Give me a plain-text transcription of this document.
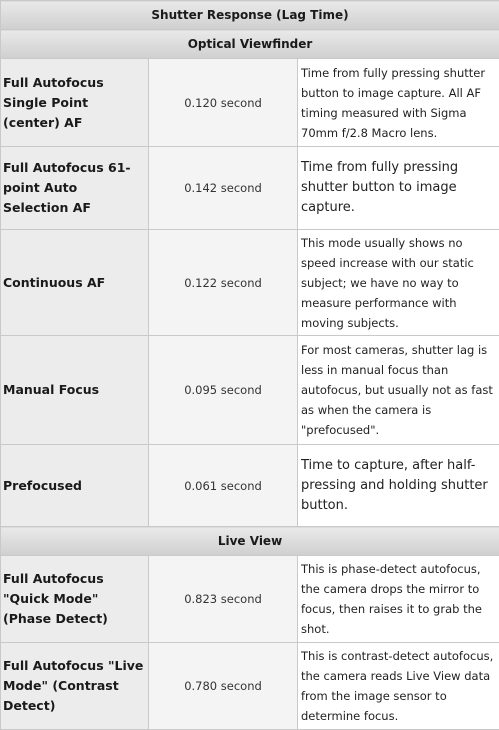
Shutter Response (Lag Time)		
Optical Viewfinder		
Full Autofocus Single Point (center) AF	0.120 second	Time from fully pressing shutter button to image capture. All AF timing measured with Sigma 70mm f/2.8 Macro lens.
Full Autofocus 61-point Auto Selection AF	0.142 second	Time from fully pressing shutter button to image capture.
Continuous AF	0.122 second	This mode usually shows no speed increase with our static subject; we have no way to measure performance with moving subjects.
Manual Focus	0.095 second	For most cameras, shutter lag is less in manual focus than autofocus, but usually not as fast as when the camera is "prefocused".
Prefocused	0.061 second	Time to capture, after half-pressing and holding shutter button.
Live View		
Full Autofocus "Quick Mode" (Phase Detect)	0.823 second	This is phase-detect autofocus, the camera drops the mirror to focus, then raises it to grab the shot.
Full Autofocus "Live Mode" (Contrast Detect)	0.780 second	This is contrast-detect autofocus, the camera reads Live View data from the image sensor to determine focus.
